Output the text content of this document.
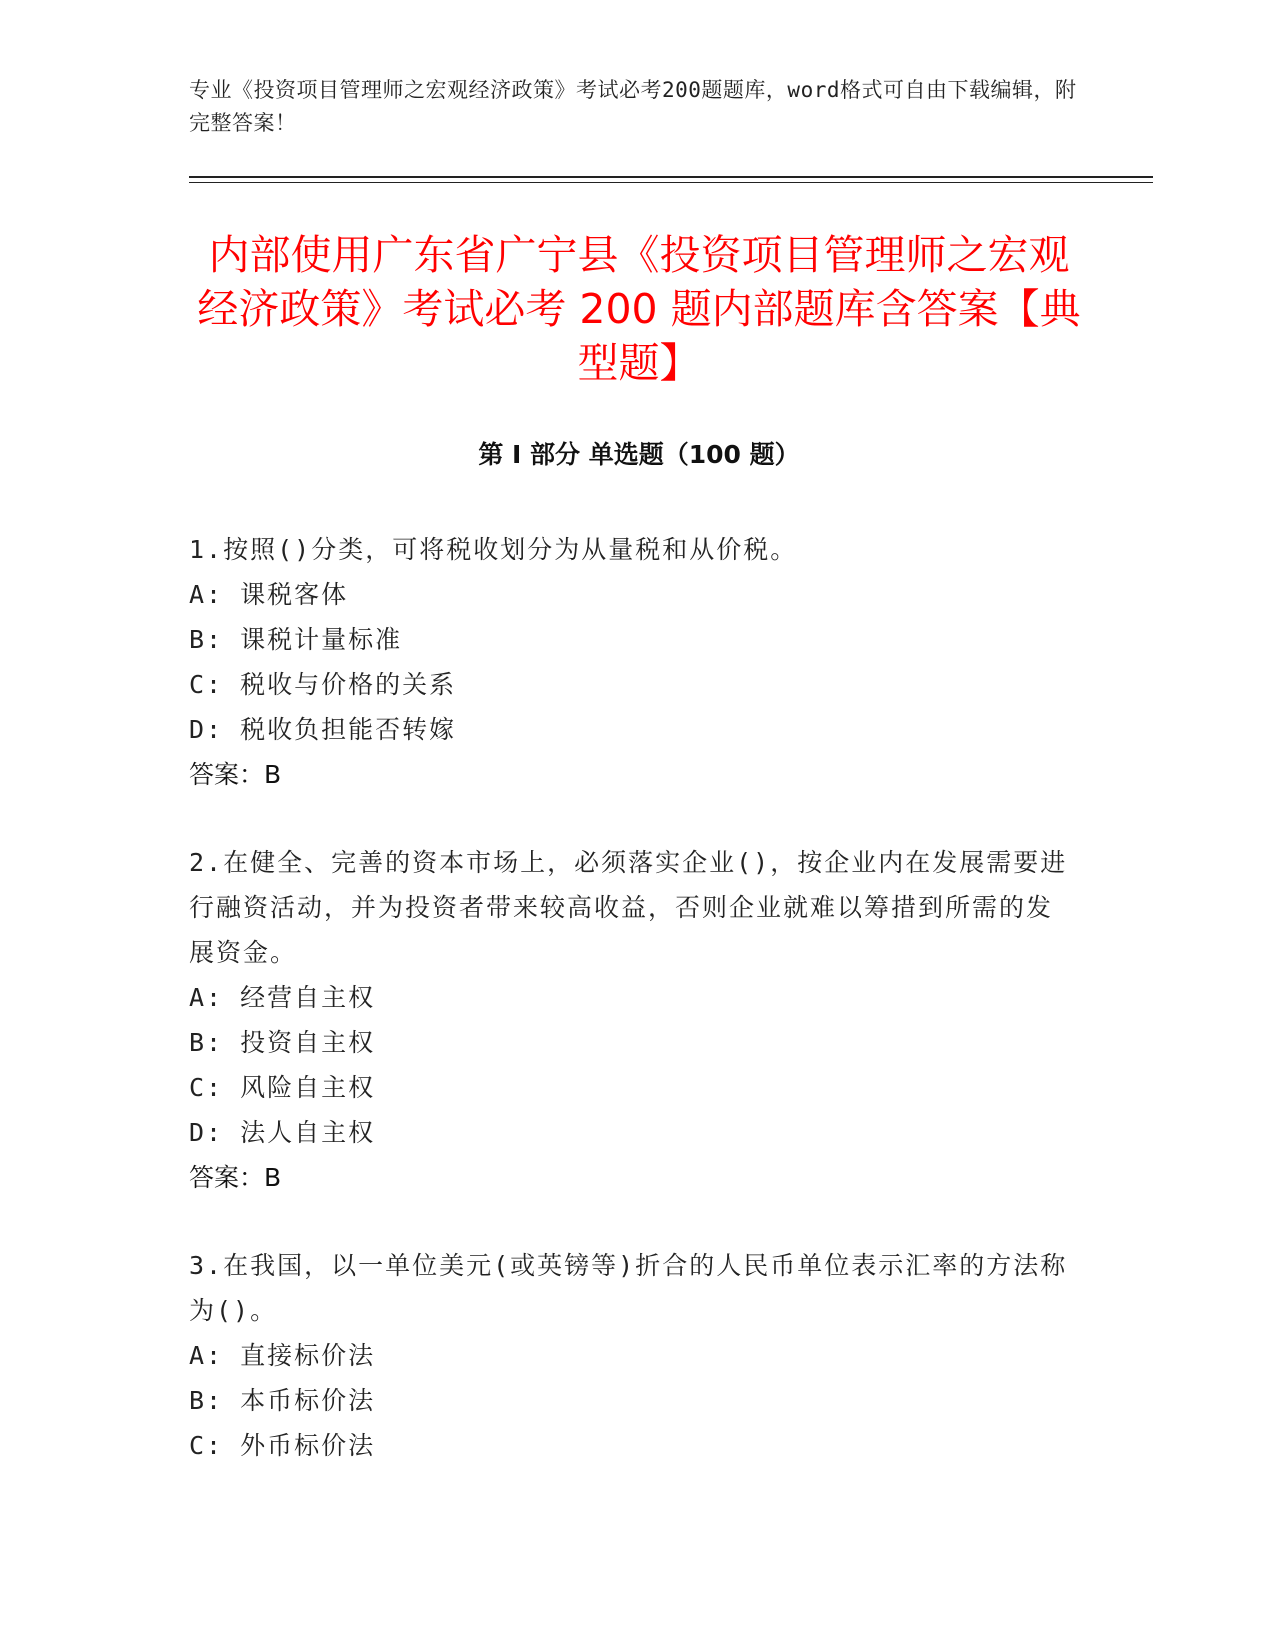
专业《投资项目管理师之宏观经济政策》考试必考200题题库，word格式可自由下载编辑，附完整答案！
内部使用广东省广宁县《投资项目管理师之宏观经济政策》考试必考 200 题内部题库含答案【典型题】
第 I 部分 单选题（100 题）
1.按照()分类，可将税收划分为从量税和从价税。
A: 课税客体
B: 课税计量标准
C: 税收与价格的关系
D: 税收负担能否转嫁
答案：B
2.在健全、完善的资本市场上，必须落实企业()，按企业内在发展需要进行融资活动，并为投资者带来较高收益，否则企业就难以筹措到所需的发展资金。
A: 经营自主权
B: 投资自主权
C: 风险自主权
D: 法人自主权
答案：B
3.在我国，以一单位美元(或英镑等)折合的人民币单位表示汇率的方法称为()。
A: 直接标价法
B: 本币标价法
C: 外币标价法
